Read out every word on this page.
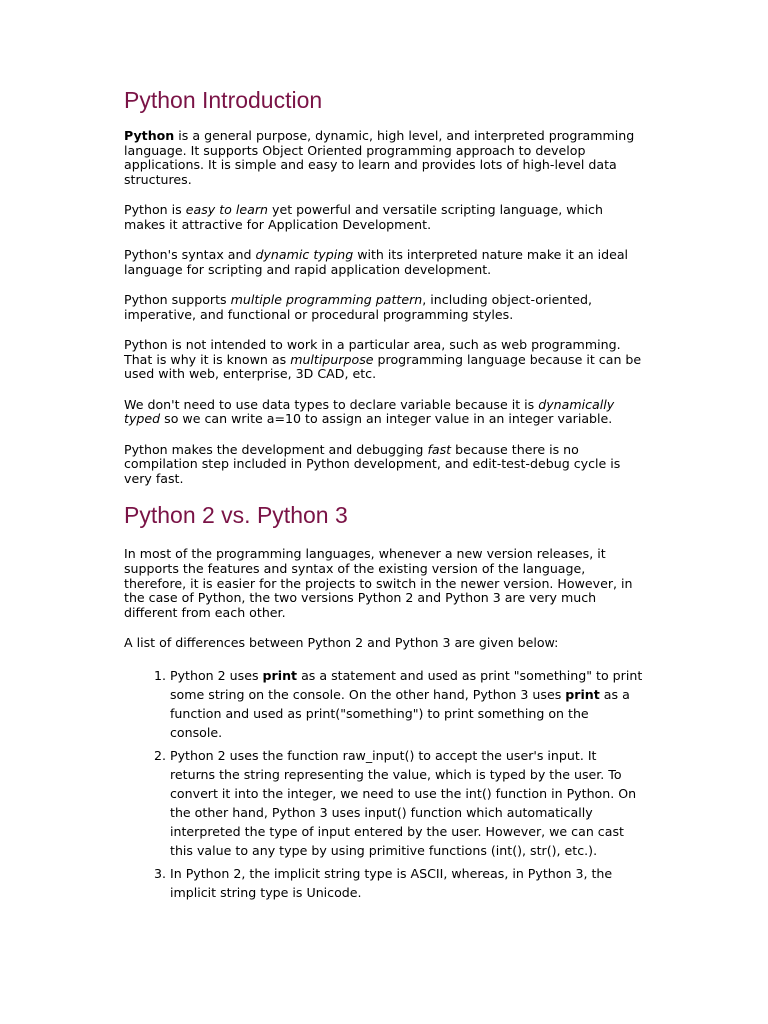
Python Introduction

Python is a general purpose, dynamic, high level, and interpreted programming language. It supports Object Oriented programming approach to develop applications. It is simple and easy to learn and provides lots of high-level data structures.

Python is easy to learn yet powerful and versatile scripting language, which makes it attractive for Application Development.

Python's syntax and dynamic typing with its interpreted nature make it an ideal language for scripting and rapid application development.

Python supports multiple programming pattern, including object-oriented, imperative, and functional or procedural programming styles.

Python is not intended to work in a particular area, such as web programming. That is why it is known as multipurpose programming language because it can be used with web, enterprise, 3D CAD, etc.

We don't need to use data types to declare variable because it is dynamically typed so we can write a=10 to assign an integer value in an integer variable.

Python makes the development and debugging fast because there is no compilation step included in Python development, and edit-test-debug cycle is very fast.

Python 2 vs. Python 3

In most of the programming languages, whenever a new version releases, it supports the features and syntax of the existing version of the language, therefore, it is easier for the projects to switch in the newer version. However, in the case of Python, the two versions Python 2 and Python 3 are very much different from each other.

A list of differences between Python 2 and Python 3 are given below:

1. Python 2 uses print as a statement and used as print "something" to print some string on the console. On the other hand, Python 3 uses print as a function and used as print("something") to print something on the console.
2. Python 2 uses the function raw_input() to accept the user's input. It returns the string representing the value, which is typed by the user. To convert it into the integer, we need to use the int() function in Python. On the other hand, Python 3 uses input() function which automatically interpreted the type of input entered by the user. However, we can cast this value to any type by using primitive functions (int(), str(), etc.).
3. In Python 2, the implicit string type is ASCII, whereas, in Python 3, the implicit string type is Unicode.
